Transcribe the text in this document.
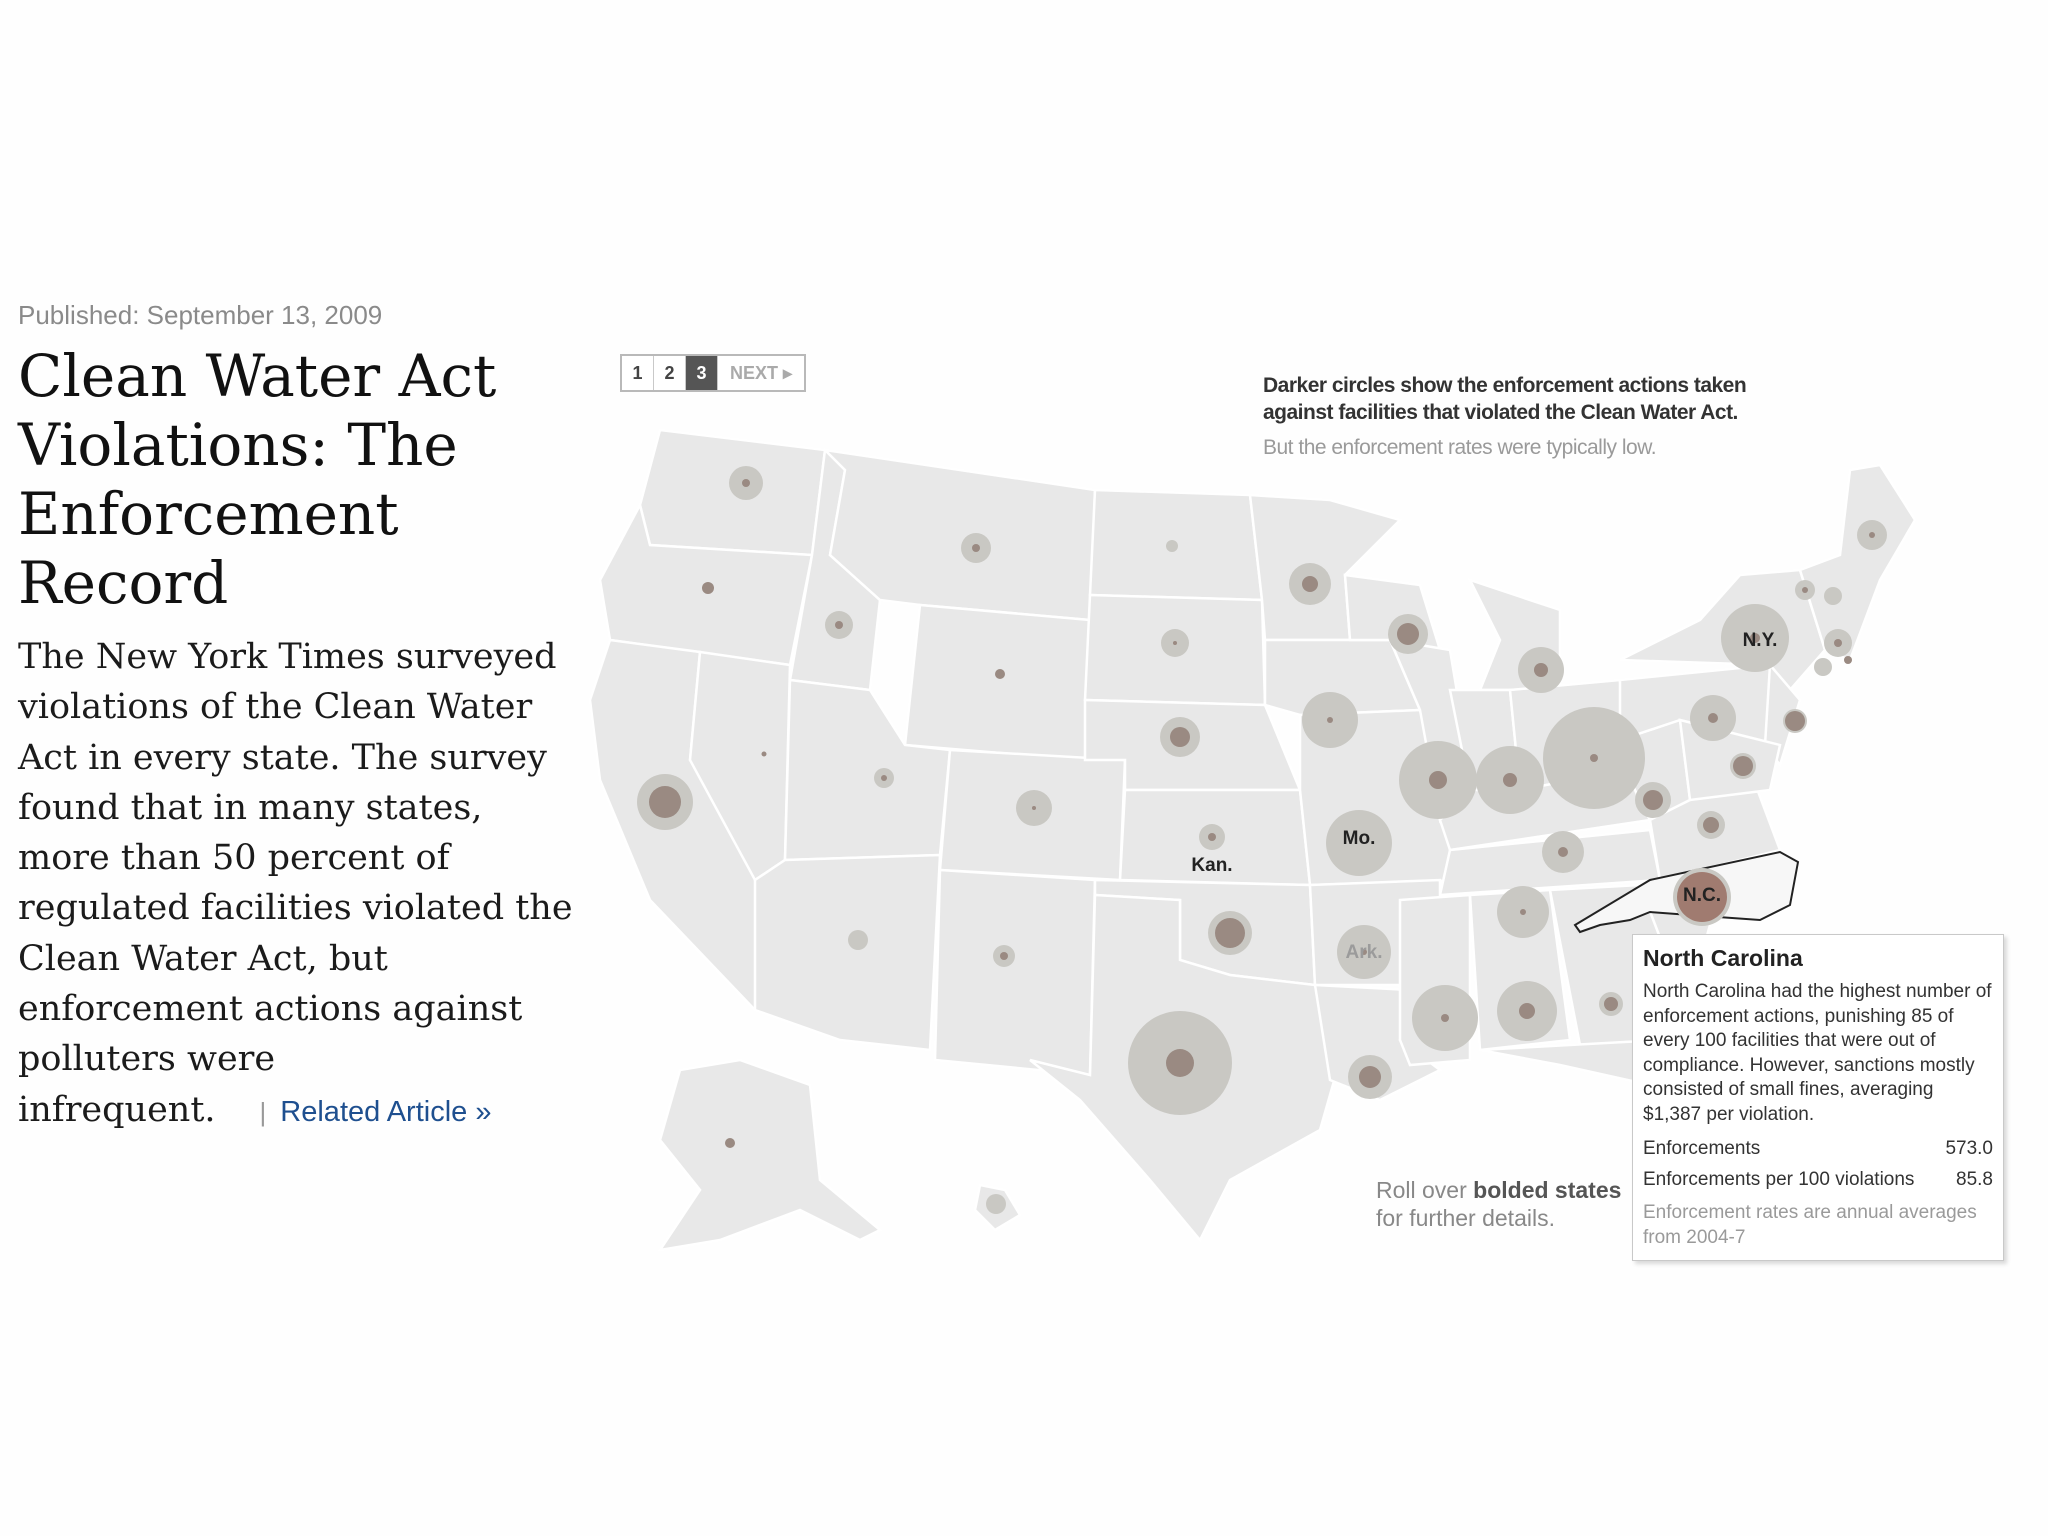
Published: September 13, 2009
Clean Water Act Violations: The Enforcement Record

The New York Times surveyed violations of the Clean Water Act in every state. The survey found that in many states, more than 50 percent of regulated facilities violated the Clean Water Act, but enforcement actions against polluters were infrequent. | Related Article »

N.Y.
Mo.
Kan.
Ark.
N.C.
1	2	3	NEXT ▸
Darker circles show the enforcement actions taken against facilities that violated the Clean Water Act.
But the enforcement rates were typically low.
Roll over bolded states
for further details.
North Carolina
North Carolina had the highest number of enforcement actions, punishing 85 of every 100 facilities that were out of compliance. However, sanctions mostly consisted of small fines, averaging $1,387 per violation.
Enforcements	573.0
Enforcements per 100 violations 85.8
Enforcement rates are annual averages from 2004-7
